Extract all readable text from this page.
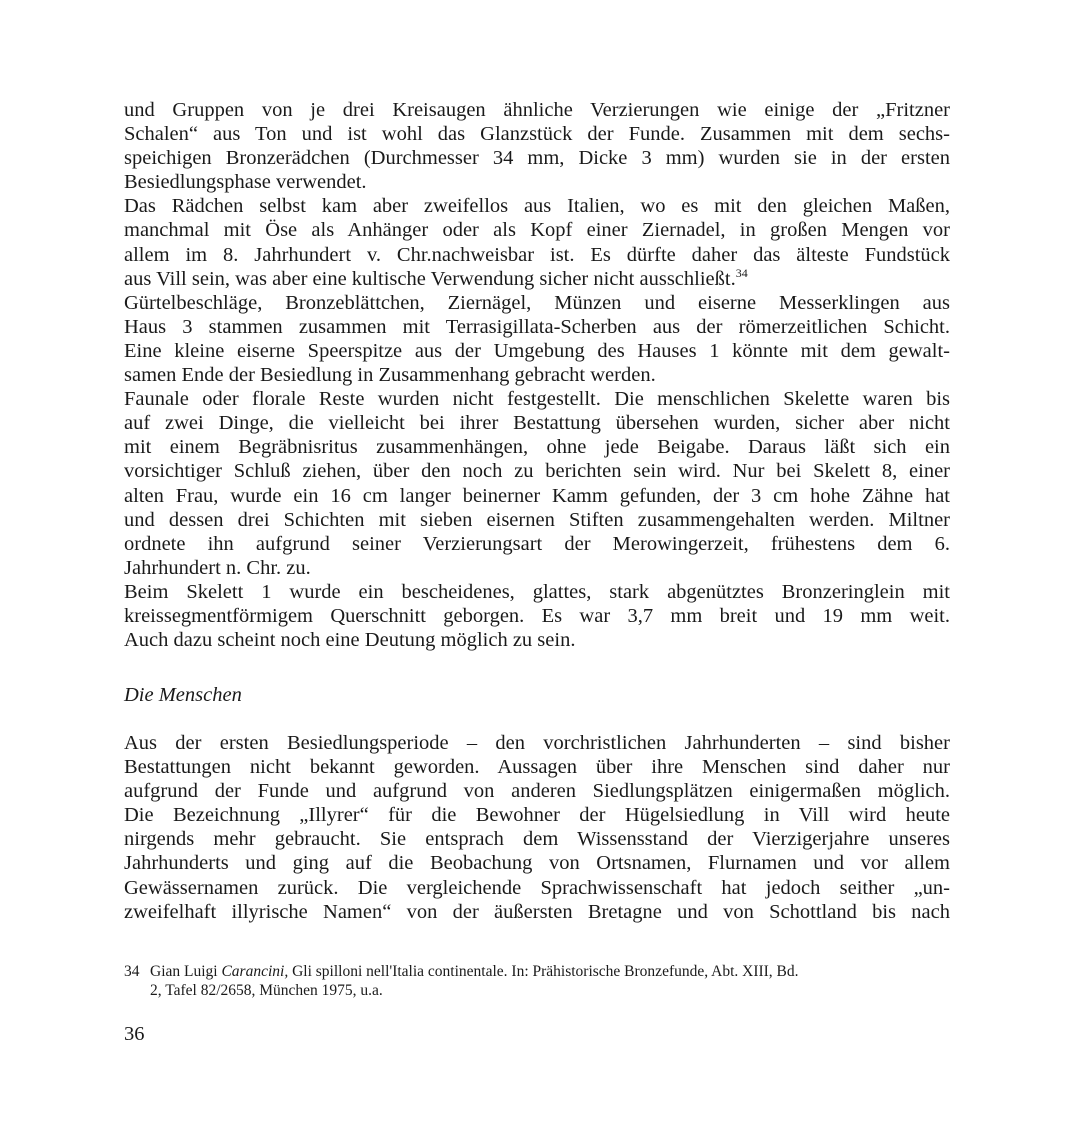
und Gruppen von je drei Kreisaugen ähnliche Verzierungen wie einige der „Fritzner
Schalen“ aus Ton und ist wohl das Glanzstück der Funde. Zusammen mit dem sechs-
speichigen Bronzerädchen (Durchmesser 34 mm, Dicke 3 mm) wurden sie in der ersten
Besiedlungsphase verwendet.
Das Rädchen selbst kam aber zweifellos aus Italien, wo es mit den gleichen Maßen,
manchmal mit Öse als Anhänger oder als Kopf einer Ziernadel, in großen Mengen vor
allem im 8. Jahrhundert v. Chr.nachweisbar ist. Es dürfte daher das älteste Fundstück
aus Vill sein, was aber eine kultische Verwendung sicher nicht ausschließt.$^{34}$
Gürtelbeschläge, Bronzeblättchen, Ziernägel, Münzen und eiserne Messerklingen aus
Haus 3 stammen zusammen mit Terrasigillata-Scherben aus der römerzeitlichen Schicht.
Eine kleine eiserne Speerspitze aus der Umgebung des Hauses 1 könnte mit dem gewalt-
samen Ende der Besiedlung in Zusammenhang gebracht werden.
Faunale oder florale Reste wurden nicht festgestellt. Die menschlichen Skelette waren bis
auf zwei Dinge, die vielleicht bei ihrer Bestattung übersehen wurden, sicher aber nicht
mit einem Begräbnisritus zusammenhängen, ohne jede Beigabe. Daraus läßt sich ein
vorsichtiger Schluß ziehen, über den noch zu berichten sein wird. Nur bei Skelett 8, einer
alten Frau, wurde ein 16 cm langer beinerner Kamm gefunden, der 3 cm hohe Zähne hat
und dessen drei Schichten mit sieben eisernen Stiften zusammengehalten werden. Miltner
ordnete ihn aufgrund seiner Verzierungsart der Merowingerzeit, frühestens dem 6.
Jahrhundert n. Chr. zu.
Beim Skelett 1 wurde ein bescheidenes, glattes, stark abgenütztes Bronzeringlein mit
kreissegmentförmigem Querschnitt geborgen. Es war 3,7 mm breit und 19 mm weit.
Auch dazu scheint noch eine Deutung möglich zu sein.
Die Menschen
Aus der ersten Besiedlungsperiode – den vorchristlichen Jahrhunderten – sind bisher
Bestattungen nicht bekannt geworden. Aussagen über ihre Menschen sind daher nur
aufgrund der Funde und aufgrund von anderen Siedlungsplätzen einigermaßen möglich.
Die Bezeichnung „Illyrer“ für die Bewohner der Hügelsiedlung in Vill wird heute
nirgends mehr gebraucht. Sie entsprach dem Wissensstand der Vierzigerjahre unseres
Jahrhunderts und ging auf die Beobachung von Ortsnamen, Flurnamen und vor allem
Gewässernamen zurück. Die vergleichende Sprachwissenschaft hat jedoch seither „un-
zweifelhaft illyrische Namen“ von der äußersten Bretagne und von Schottland bis nach
34 Gian Luigi Carancini, Gli spilloni nell'Italia continentale. In: Prähistorische Bronzefunde, Abt. XIII, Bd.
2, Tafel 82/2658, München 1975, u.a.
36
